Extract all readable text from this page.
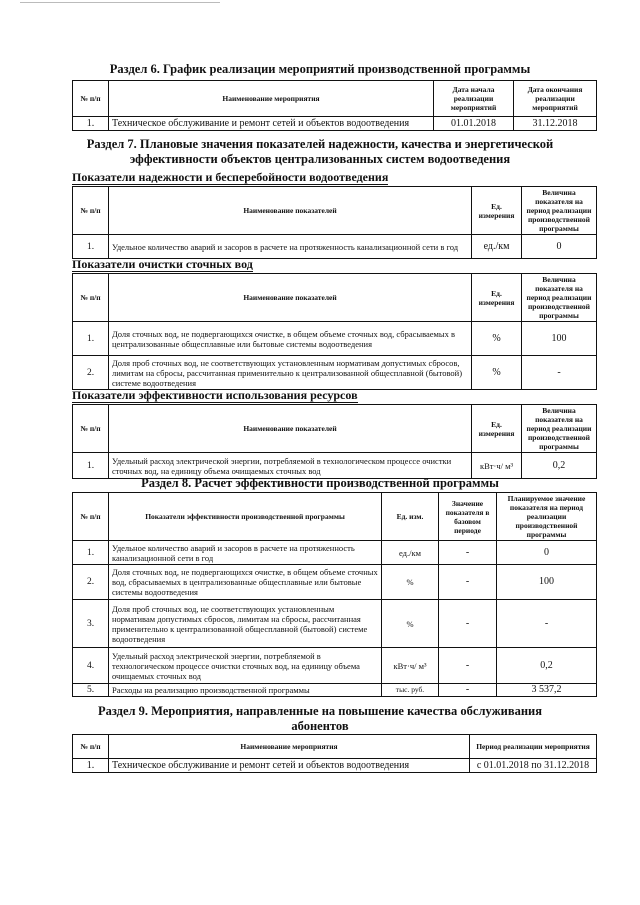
Раздел 6. График реализации мероприятий производственной программы

№ п/п	Наименование мероприятия	Дата начала реализации мероприятий	Дата окончания реализации мероприятий
1.	Техническое обслуживание и ремонт сетей и объектов водоотведения	01.01.2018	31.12.2018

Раздел 7. Плановые значения показателей надежности, качества и энергетической

эффективности объектов централизованных систем водоотведения

Показатели надежности и бесперебойности водоотведения

№ п/п	Наименование показателей	Ед. измерения	Величина показателя на период реализации производственной программы
1.	Удельное количество аварий и засоров в расчете на протяженность канализационной сети в год	ед./км	0

Показатели очистки сточных вод

№ п/п	Наименование показателей	Ед. измерения	Величина показателя на период реализации производственной программы
1.	Доля сточных вод, не подвергающихся очистке, в общем объеме сточных вод, сбрасываемых в централизованные общесплавные или бытовые системы водоотведения	%	100
2.	Доля проб сточных вод, не соответствующих установленным нормативам допустимых сбросов, лимитам на сбросы, рассчитанная применительно к централизованной общесплавной (бытовой) системе водоотведения	%	-

Показатели эффективности использования ресурсов

№ п/п	Наименование показателей	Ед. измерения	Величина показателя на период реализации производственной программы
1.	Удельный расход электрической энергии, потребляемой в технологическом процессе очистки сточных вод, на единицу объема очищаемых сточных вод	кВт·ч/ м³	0,2

Раздел 8. Расчет эффективности производственной программы

№ п/п	Показатели эффективности производственной программы	Ед. изм.	Значение показателя в базовом периоде	Планируемое значение показателя на период реализации производственной программы
1.	Удельное количество аварий и засоров в расчете на протяженность канализационной сети в год	ед./км	-	0
2.	Доля сточных вод, не подвергающихся очистке, в общем объеме сточных вод, сбрасываемых в централизованные общесплавные или бытовые системы водоотведения	%	-	100
3.	Доля проб сточных вод, не соответствующих установленным нормативам допустимых сбросов, лимитам на сбросы, рассчитанная применительно к централизованной общесплавной (бытовой) системе водоотведения	%	-	-
4.	Удельный расход электрической энергии, потребляемой в технологическом процессе очистки сточных вод, на единицу объема очищаемых сточных вод	кВт·ч/ м³	-	0,2
5.	Расходы на реализацию производственной программы	тыс. руб.	-	3 537,2

Раздел 9. Мероприятия, направленные на повышение качества обслуживания

абонентов

№ п/п	Наименование мероприятия	Период реализации мероприятия
1.	Техническое обслуживание и ремонт сетей и объектов водоотведения	с 01.01.2018 по 31.12.2018
